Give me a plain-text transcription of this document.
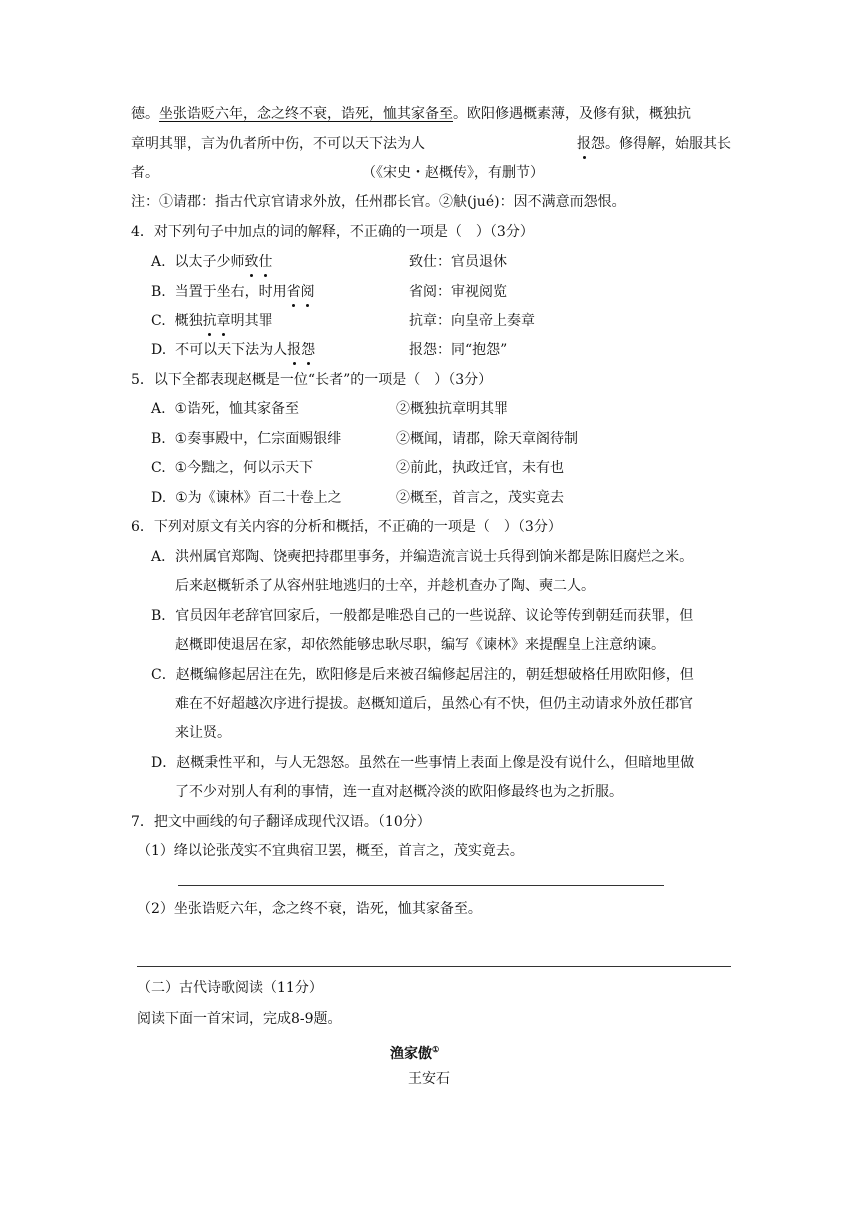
德。坐张诰贬六年，念之终不衰，诰死，恤其家备至。欧阳修遇概素薄，及修有狱，概独抗
章明其罪，言为仇者所中伤，不可以天下法为人	报怨。修得解，始服其长
者。	（《宋史・赵概传》，有删节）
注：①请郡：指古代京官请求外放，任州郡长官。②觖(jué)：因不满意而怨恨。
4．对下列句子中加点的词的解释，不正确的一项是（　）（3分）
A. 以太子少师致仕	致仕：官员退休
B. 当置于坐右，时用省阅	省阅：审视阅览
C. 概独抗章明其罪	抗章：向皇帝上奏章
D. 不可以天下法为人报怨	报怨：同“抱怨”
5．以下全都表现赵概是一位“长者”的一项是（　）（3分）
A. ①诰死，恤其家备至	②概独抗章明其罪
B. ①奏事殿中，仁宗面赐银绯	②概闻，请郡，除天章阁待制
C. ①今黜之，何以示天下	②前此，执政迁官，未有也
D. ①为《谏林》百二十卷上之	②概至，首言之，茂实竟去
6．下列对原文有关内容的分析和概括，不正确的一项是（　）（3分）
A．洪州属官郑陶、饶奭把持郡里事务，并编造流言说士兵得到饷米都是陈旧腐烂之米。
后来赵概斩杀了从容州驻地逃归的士卒，并趁机查办了陶、奭二人。
B．官员因年老辞官回家后，一般都是唯恐自己的一些说辞、议论等传到朝廷而获罪，但
赵概即使退居在家，却依然能够忠耿尽职，编写《谏林》来提醒皇上注意纳谏。
C．赵概编修起居注在先，欧阳修是后来被召编修起居注的，朝廷想破格任用欧阳修，但
难在不好超越次序进行提拔。赵概知道后，虽然心有不快，但仍主动请求外放任郡官
来让贤。
D．赵概秉性平和，与人无怨怒。虽然在一些事情上表面上像是没有说什么，但暗地里做
了不少对别人有利的事情，连一直对赵概冷淡的欧阳修最终也为之折服。
7．把文中画线的句子翻译成现代汉语。（10分）
（1）绛以论张茂实不宜典宿卫罢，概至，首言之，茂实竟去。
（2）坐张诰贬六年，念之终不衰，诰死，恤其家备至。
（二）古代诗歌阅读（11分）
阅读下面一首宋词，完成8-9题。
渔家傲①
王安石
